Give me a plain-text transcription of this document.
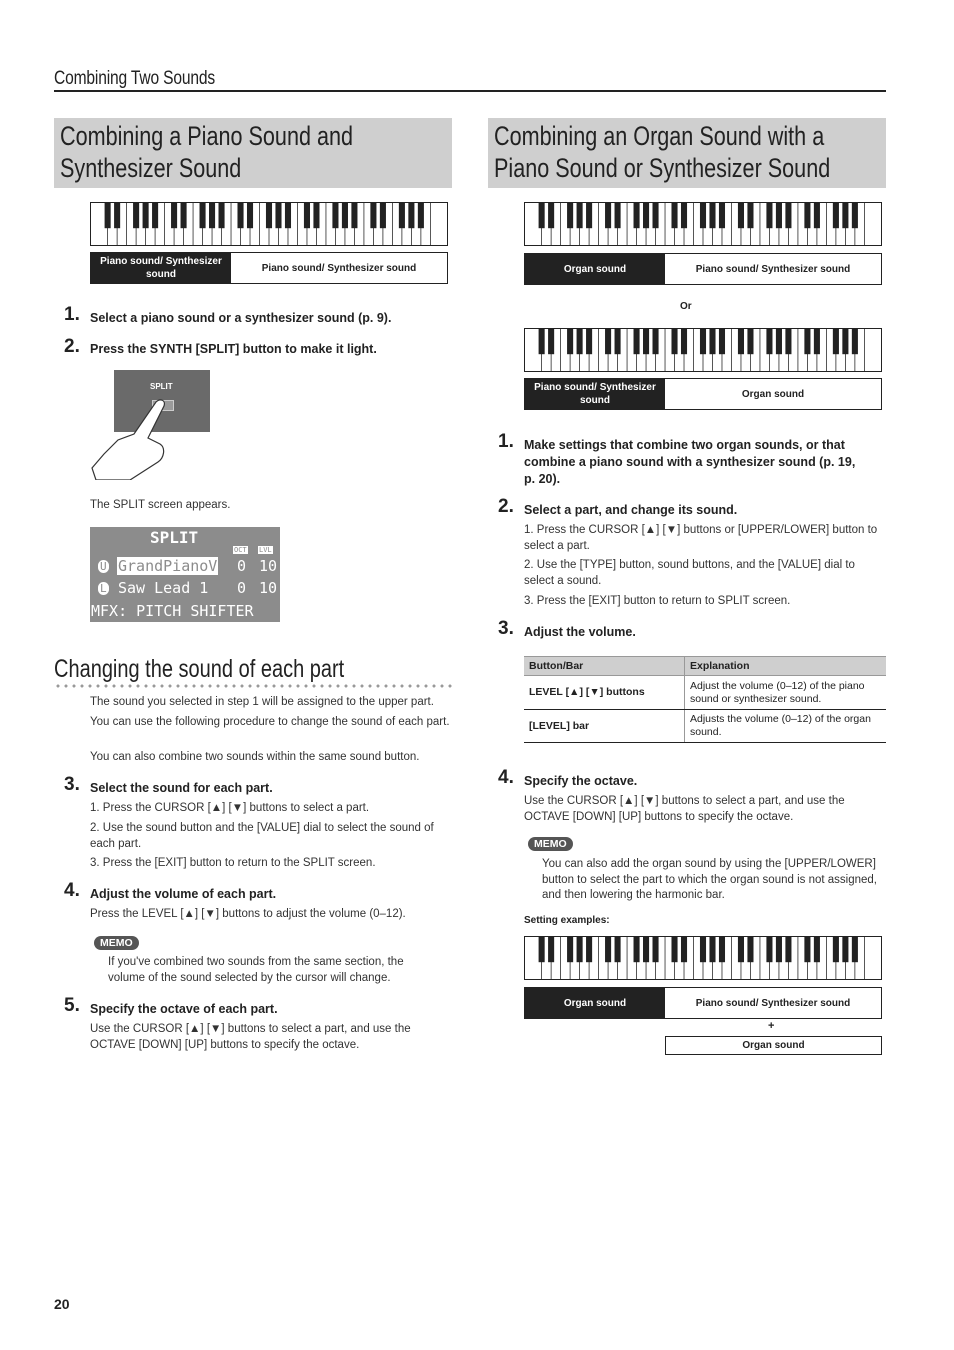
Combining Two Sounds
Combining a Piano Sound and Synthesizer Sound
Piano sound/ Synthesizer sound
Piano sound/ Synthesizer sound
1. Select a piano sound or a synthesizer sound (p. 9).
2. Press the SYNTH [SPLIT] button to make it light.
SPLIT
The SPLIT screen appears.
SPLIT
OCT LVL
U GrandPianoV 0 10
L Saw Lead 1 0 10
MFX: PITCH SHIFTER
Changing the sound of each part
The sound you selected in step 1 will be assigned to the upper part.
You can use the following procedure to change the sound of each part.
You can also combine two sounds within the same sound button.
3. Select the sound for each part.
1. Press the CURSOR [▲] [▼] buttons to select a part.
2. Use the sound button and the [VALUE] dial to select the sound of each part.
3. Press the [EXIT] button to return to the SPLIT screen.
4. Adjust the volume of each part.
Press the LEVEL [▲] [▼] buttons to adjust the volume (0–12).
MEMO
If you've combined two sounds from the same section, the volume of the sound selected by the cursor will change.
5. Specify the octave of each part.
Use the CURSOR [▲] [▼] buttons to select a part, and use the OCTAVE [DOWN] [UP] buttons to specify the octave.
Combining an Organ Sound with a Piano Sound or Synthesizer Sound
Organ sound	Piano sound/ Synthesizer sound
Or
Piano sound/ Synthesizer sound
Organ sound
1. Make settings that combine two organ sounds, or that combine a piano sound with a synthesizer sound (p. 19, p. 20).
2. Select a part, and change its sound.
1. Press the CURSOR [▲] [▼] buttons or [UPPER/LOWER] button to select a part.
2. Use the [TYPE] button, sound buttons, and the [VALUE] dial to select a sound.
3. Press the [EXIT] button to return to SPLIT screen.
3. Adjust the volume.
Button/Bar	Explanation
LEVEL [▲] [▼] buttons	Adjust the volume (0–12) of the piano sound or synthesizer sound.
[LEVEL] bar	Adjusts the volume (0–12) of the organ sound.
4. Specify the octave.
Use the CURSOR [▲] [▼] buttons to select a part, and use the OCTAVE [DOWN] [UP] buttons to specify the octave.
MEMO
You can also add the organ sound by using the [UPPER/LOWER] button to select the part to which the organ sound is not assigned, and then lowering the harmonic bar.
Setting examples:
Organ sound	Piano sound/ Synthesizer sound
+
Organ sound
20
